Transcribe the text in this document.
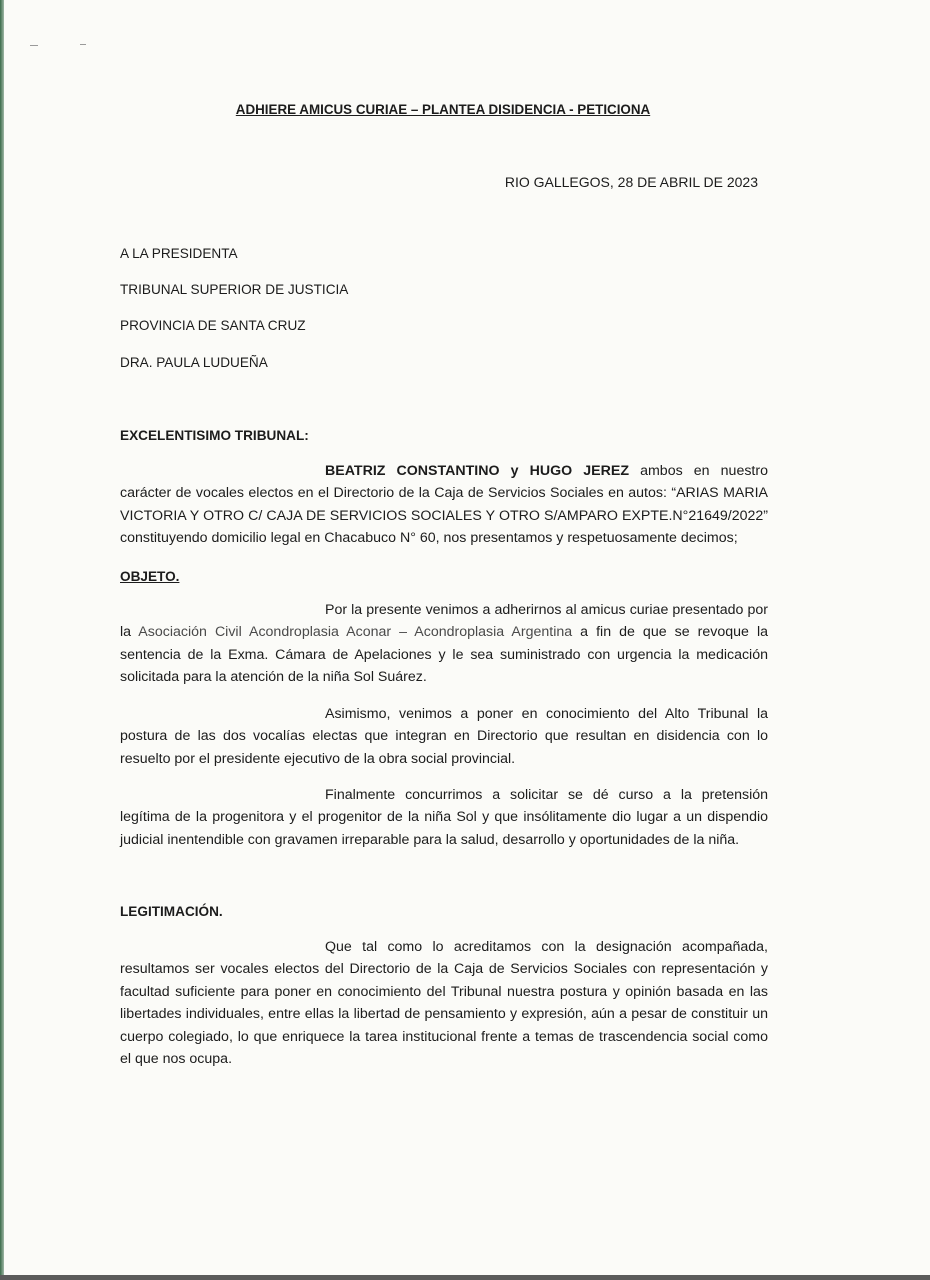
ADHIERE AMICUS CURIAE – PLANTEA DISIDENCIA - PETICIONA
RIO GALLEGOS, 28 DE ABRIL DE 2023
A LA PRESIDENTA
TRIBUNAL SUPERIOR DE JUSTICIA
PROVINCIA DE SANTA CRUZ
DRA. PAULA LUDUEÑA
EXCELENTISIMO TRIBUNAL:

BEATRIZ CONSTANTINO y HUGO JEREZ ambos en nuestro carácter de vocales electos en el Directorio de la Caja de Servicios Sociales en autos: “ARIAS MARIA VICTORIA Y OTRO C/ CAJA DE SERVICIOS SOCIALES Y OTRO S/AMPARO EXPTE.N°21649/2022” constituyendo domicilio legal en Chacabuco N° 60, nos presentamos y respetuosamente decimos;

OBJETO.

Por la presente venimos a adherirnos al amicus curiae presentado por la Asociación Civil Acondroplasia Aconar – Acondroplasia Argentina a fin de que se revoque la sentencia de la Exma. Cámara de Apelaciones y le sea suministrado con urgencia la medicación solicitada para la atención de la niña Sol Suárez.

Asimismo, venimos a poner en conocimiento del Alto Tribunal la postura de las dos vocalías electas que integran en Directorio que resultan en disidencia con lo resuelto por el presidente ejecutivo de la obra social provincial.

Finalmente concurrimos a solicitar se dé curso a la pretensión legítima de la progenitora y el progenitor de la niña Sol y que insólitamente dio lugar a un dispendio judicial inentendible con gravamen irreparable para la salud, desarrollo y oportunidades de la niña.

LEGITIMACIÓN.

Que tal como lo acreditamos con la designación acompañada, resultamos ser vocales electos del Directorio de la Caja de Servicios Sociales con representación y facultad suficiente para poner en conocimiento del Tribunal nuestra postura y opinión basada en las libertades individuales, entre ellas la libertad de pensamiento y expresión, aún a pesar de constituir un cuerpo colegiado, lo que enriquece la tarea institucional frente a temas de trascendencia social como el que nos ocupa.
